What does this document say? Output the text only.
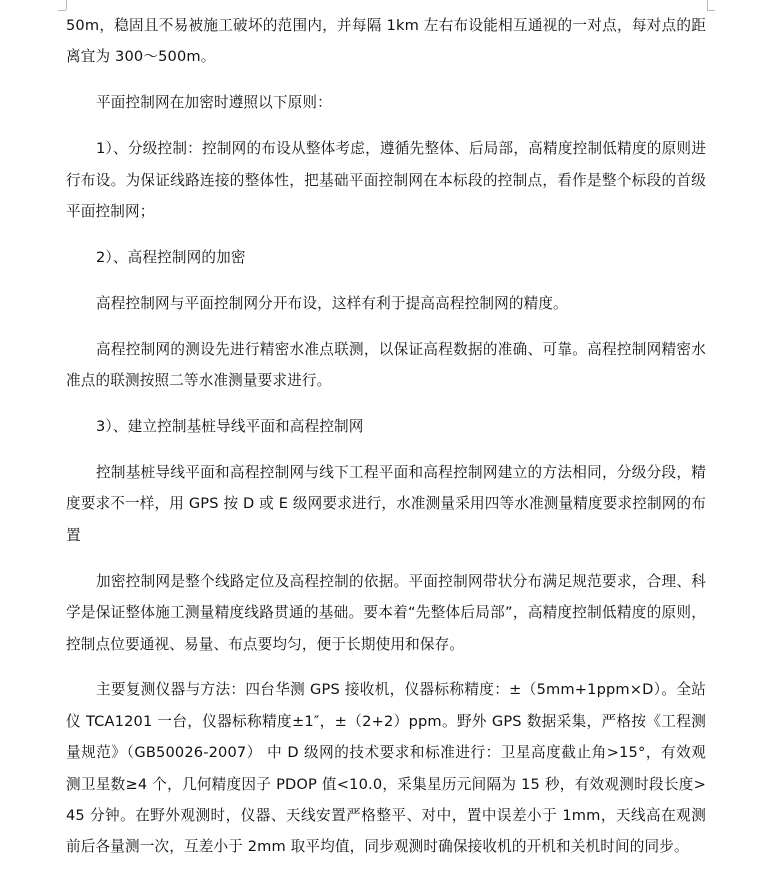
50m，稳固且不易被施工破坏的范围内，并每隔 1km 左右布设能相互通视的一对点，每对点的距离宜为 300～500m。

平面控制网在加密时遵照以下原则：

1）、分级控制：控制网的布设从整体考虑，遵循先整体、后局部，高精度控制低精度的原则进行布设。为保证线路连接的整体性，把基础平面控制网在本标段的控制点，看作是整个标段的首级平面控制网；

2）、高程控制网的加密

高程控制网与平面控制网分开布设，这样有利于提高高程控制网的精度。

高程控制网的测设先进行精密水准点联测，以保证高程数据的准确、可靠。高程控制网精密水准点的联测按照二等水准测量要求进行。

3）、建立控制基桩导线平面和高程控制网

控制基桩导线平面和高程控制网与线下工程平面和高程控制网建立的方法相同，分级分段，精度要求不一样，用 GPS 按 D 或 E 级网要求进行，水准测量采用四等水准测量精度要求控制网的布置

加密控制网是整个线路定位及高程控制的依据。平面控制网带状分布满足规范要求，合理、科学是保证整体施工测量精度线路贯通的基础。要本着“先整体后局部”，高精度控制低精度的原则，控制点位要通视、易量、布点要均匀，便于长期使用和保存。

主要复测仪器与方法：四台华测 GPS 接收机，仪器标称精度：±（5mm+1ppm×D）。全站仪 TCA1201 一台，仪器标称精度±1″，±（2+2）ppm。野外 GPS 数据采集，严格按《工程测量规范》（GB50026-2007） 中 D 级网的技术要求和标准进行：卫星高度截止角>15°，有效观测卫星数≥4 个，几何精度因子 PDOP 值<10.0，采集星历元间隔为 15 秒，有效观测时段长度>45 分钟。在野外观测时，仪器、天线安置严格整平、对中，置中误差小于 1mm，天线高在观测前后各量测一次，互差小于 2mm 取平均值，同步观测时确保接收机的开机和关机时间的同步。
